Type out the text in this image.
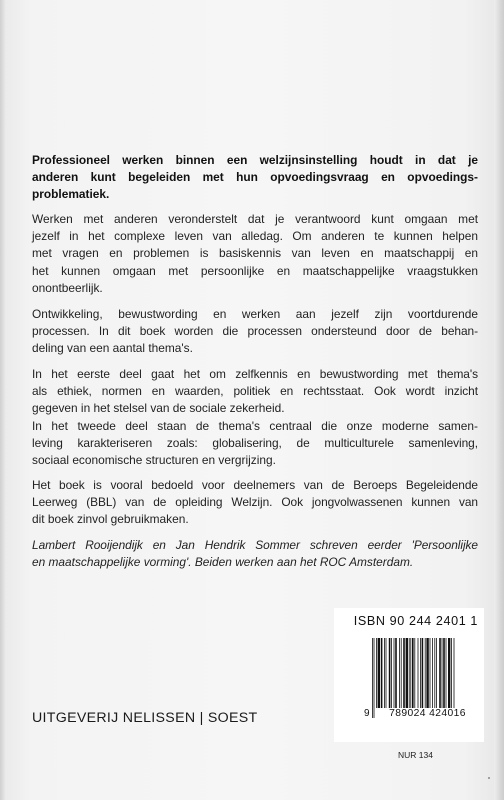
Professioneel werken binnen een welzijnsinstelling houdt in dat je
anderen kunt begeleiden met hun opvoedingsvraag en opvoedings-
problematiek.
Werken met anderen veronderstelt dat je verantwoord kunt omgaan met
jezelf in het complexe leven van alledag. Om anderen te kunnen helpen
met vragen en problemen is basiskennis van leven en maatschappij en
het kunnen omgaan met persoonlijke en maatschappelijke vraagstukken
onontbeerlijk.
Ontwikkeling, bewustwording en werken aan jezelf zijn voortdurende
processen. In dit boek worden die processen ondersteund door de behan-
deling van een aantal thema's.
In het eerste deel gaat het om zelfkennis en bewustwording met thema's
als ethiek, normen en waarden, politiek en rechtsstaat. Ook wordt inzicht
gegeven in het stelsel van de sociale zekerheid.
In het tweede deel staan de thema's centraal die onze moderne samen-
leving karakteriseren zoals: globalisering, de multiculturele samenleving,
sociaal economische structuren en vergrijzing.
Het boek is vooral bedoeld voor deelnemers van de Beroeps Begeleidende
Leerweg (BBL) van de opleiding Welzijn. Ook jongvolwassenen kunnen van
dit boek zinvol gebruikmaken.
Lambert Rooijendijk en Jan Hendrik Sommer schreven eerder 'Persoonlijke
en maatschappelijke vorming'. Beiden werken aan het ROC Amsterdam.
UITGEVERIJ NELISSEN | SOEST
ISBN 90 244 2401 1
9	789024 424016
NUR 134
